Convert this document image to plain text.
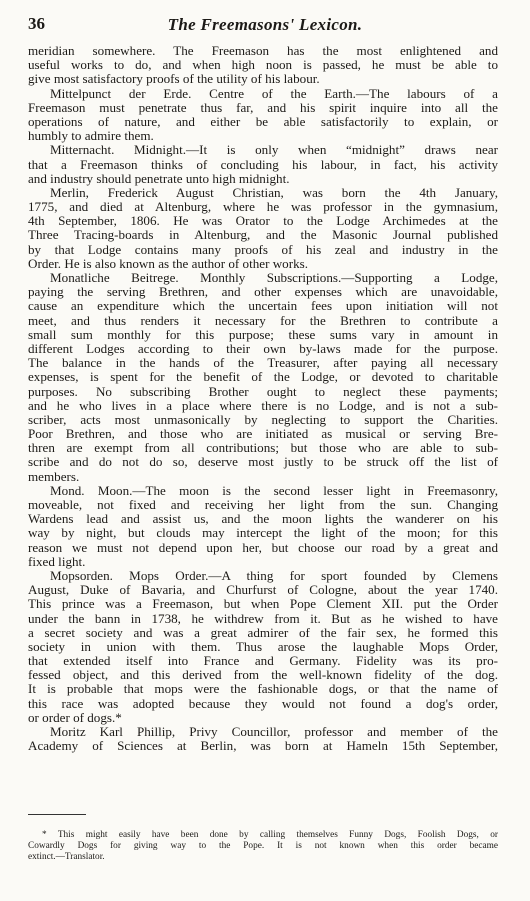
36	The Freemasons' Lexicon.
meridian somewhere. The Freemason has the most enlightened and
useful works to do, and when high noon is passed, he must be able to
give most satisfactory proofs of the utility of his labour.
Mittelpunct der Erde. Centre of the Earth.—The labours of a
Freemason must penetrate thus far, and his spirit inquire into all the
operations of nature, and either be able satisfactorily to explain, or
humbly to admire them.
Mitternacht. Midnight.—It is only when “midnight” draws near
that a Freemason thinks of concluding his labour, in fact, his activity
and industry should penetrate unto high midnight.
Merlin, Frederick August Christian, was born the 4th January,
1775, and died at Altenburg, where he was professor in the gymnasium,
4th September, 1806. He was Orator to the Lodge Archimedes at the
Three Tracing-boards in Altenburg, and the Masonic Journal published
by that Lodge contains many proofs of his zeal and industry in the
Order. He is also known as the author of other works.
Monatliche Beitrege. Monthly Subscriptions.—Supporting a Lodge,
paying the serving Brethren, and other expenses which are unavoidable,
cause an expenditure which the uncertain fees upon initiation will not
meet, and thus renders it necessary for the Brethren to contribute a
small sum monthly for this purpose; these sums vary in amount in
different Lodges according to their own by-laws made for the purpose.
The balance in the hands of the Treasurer, after paying all necessary
expenses, is spent for the benefit of the Lodge, or devoted to charitable
purposes. No subscribing Brother ought to neglect these payments;
and he who lives in a place where there is no Lodge, and is not a sub-
scriber, acts most unmasonically by neglecting to support the Charities.
Poor Brethren, and those who are initiated as musical or serving Bre-
thren are exempt from all contributions; but those who are able to sub-
scribe and do not do so, deserve most justly to be struck off the list of
members.
Mond. Moon.—The moon is the second lesser light in Freemasonry,
moveable, not fixed and receiving her light from the sun. Changing
Wardens lead and assist us, and the moon lights the wanderer on his
way by night, but clouds may intercept the light of the moon; for this
reason we must not depend upon her, but choose our road by a great and
fixed light.
Mopsorden. Mops Order.—A thing for sport founded by Clemens
August, Duke of Bavaria, and Churfurst of Cologne, about the year 1740.
This prince was a Freemason, but when Pope Clement XII. put the Order
under the bann in 1738, he withdrew from it. But as he wished to have
a secret society and was a great admirer of the fair sex, he formed this
society in union with them. Thus arose the laughable Mops Order,
that extended itself into France and Germany. Fidelity was its pro-
fessed object, and this derived from the well-known fidelity of the dog.
It is probable that mops were the fashionable dogs, or that the name of
this race was adopted because they would not found a dog's order,
or order of dogs.*
Moritz Karl Phillip, Privy Councillor, professor and member of the
Academy of Sciences at Berlin, was born at Hameln 15th September,
* This might easily have been done by calling themselves Funny Dogs, Foolish Dogs, or
Cowardly Dogs for giving way to the Pope. It is not known when this order became
extinct.—Translator.
